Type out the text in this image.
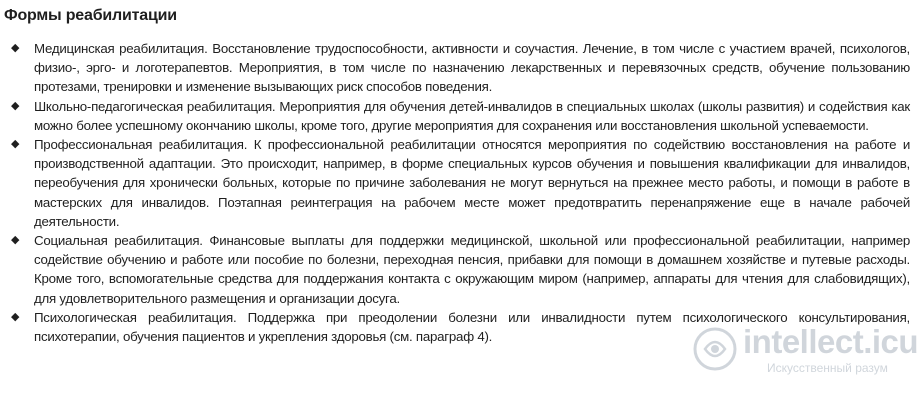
Формы реабилитации
◆ Медицинская реабилитация. Восстановление трудоспособности, активности и соучастия. Лечение, в том числе с участием врачей, психологов, физио-, эрго- и логотерапевтов. Мероприятия, в том числе по назначению лекарственных и перевязочных средств, обучение пользованию протезами, тренировки и изменение вызывающих риск способов поведения.
◆ Школьно-педагогическая реабилитация. Мероприятия для обучения детей-инвалидов в специальных школах (школы развития) и содействия как можно более успешному окончанию школы, кроме того, другие мероприятия для сохранения или восстановления школьной успеваемости.
◆ Профессиональная реабилитация. К профессиональной реабилитации относятся мероприятия по содействию восстановления на работе и производственной адаптации. Это происходит, например, в форме специальных курсов обучения и повышения квалификации для инвалидов, переобучения для хронически больных, которые по причине заболевания не могут вернуться на прежнее место работы, и помощи в работе в мастерских для инвалидов. Поэтапная реинтеграция на рабочем месте может предотвратить перенапряжение еще в начале рабочей деятельности.
◆ Социальная реабилитация. Финансовые выплаты для поддержки медицинской, школьной или профессиональной реабилитации, например содействие обучению и работе или пособие по болезни, переходная пенсия, прибавки для помощи в домашнем хозяйстве и путевые расходы. Кроме того, вспомогательные средства для поддержания контакта с окружающим миром (например, аппараты для чтения для слабовидящих), для удовлетворительного размещения и организации досуга.
◆ Психологическая реабилитация. Поддержка при преодолении болезни или инвалидности путем психологического консультирования, психотерапии, обучения пациентов и укрепления здоровья (см. параграф 4).	intellect.icu
Искусственный разум
